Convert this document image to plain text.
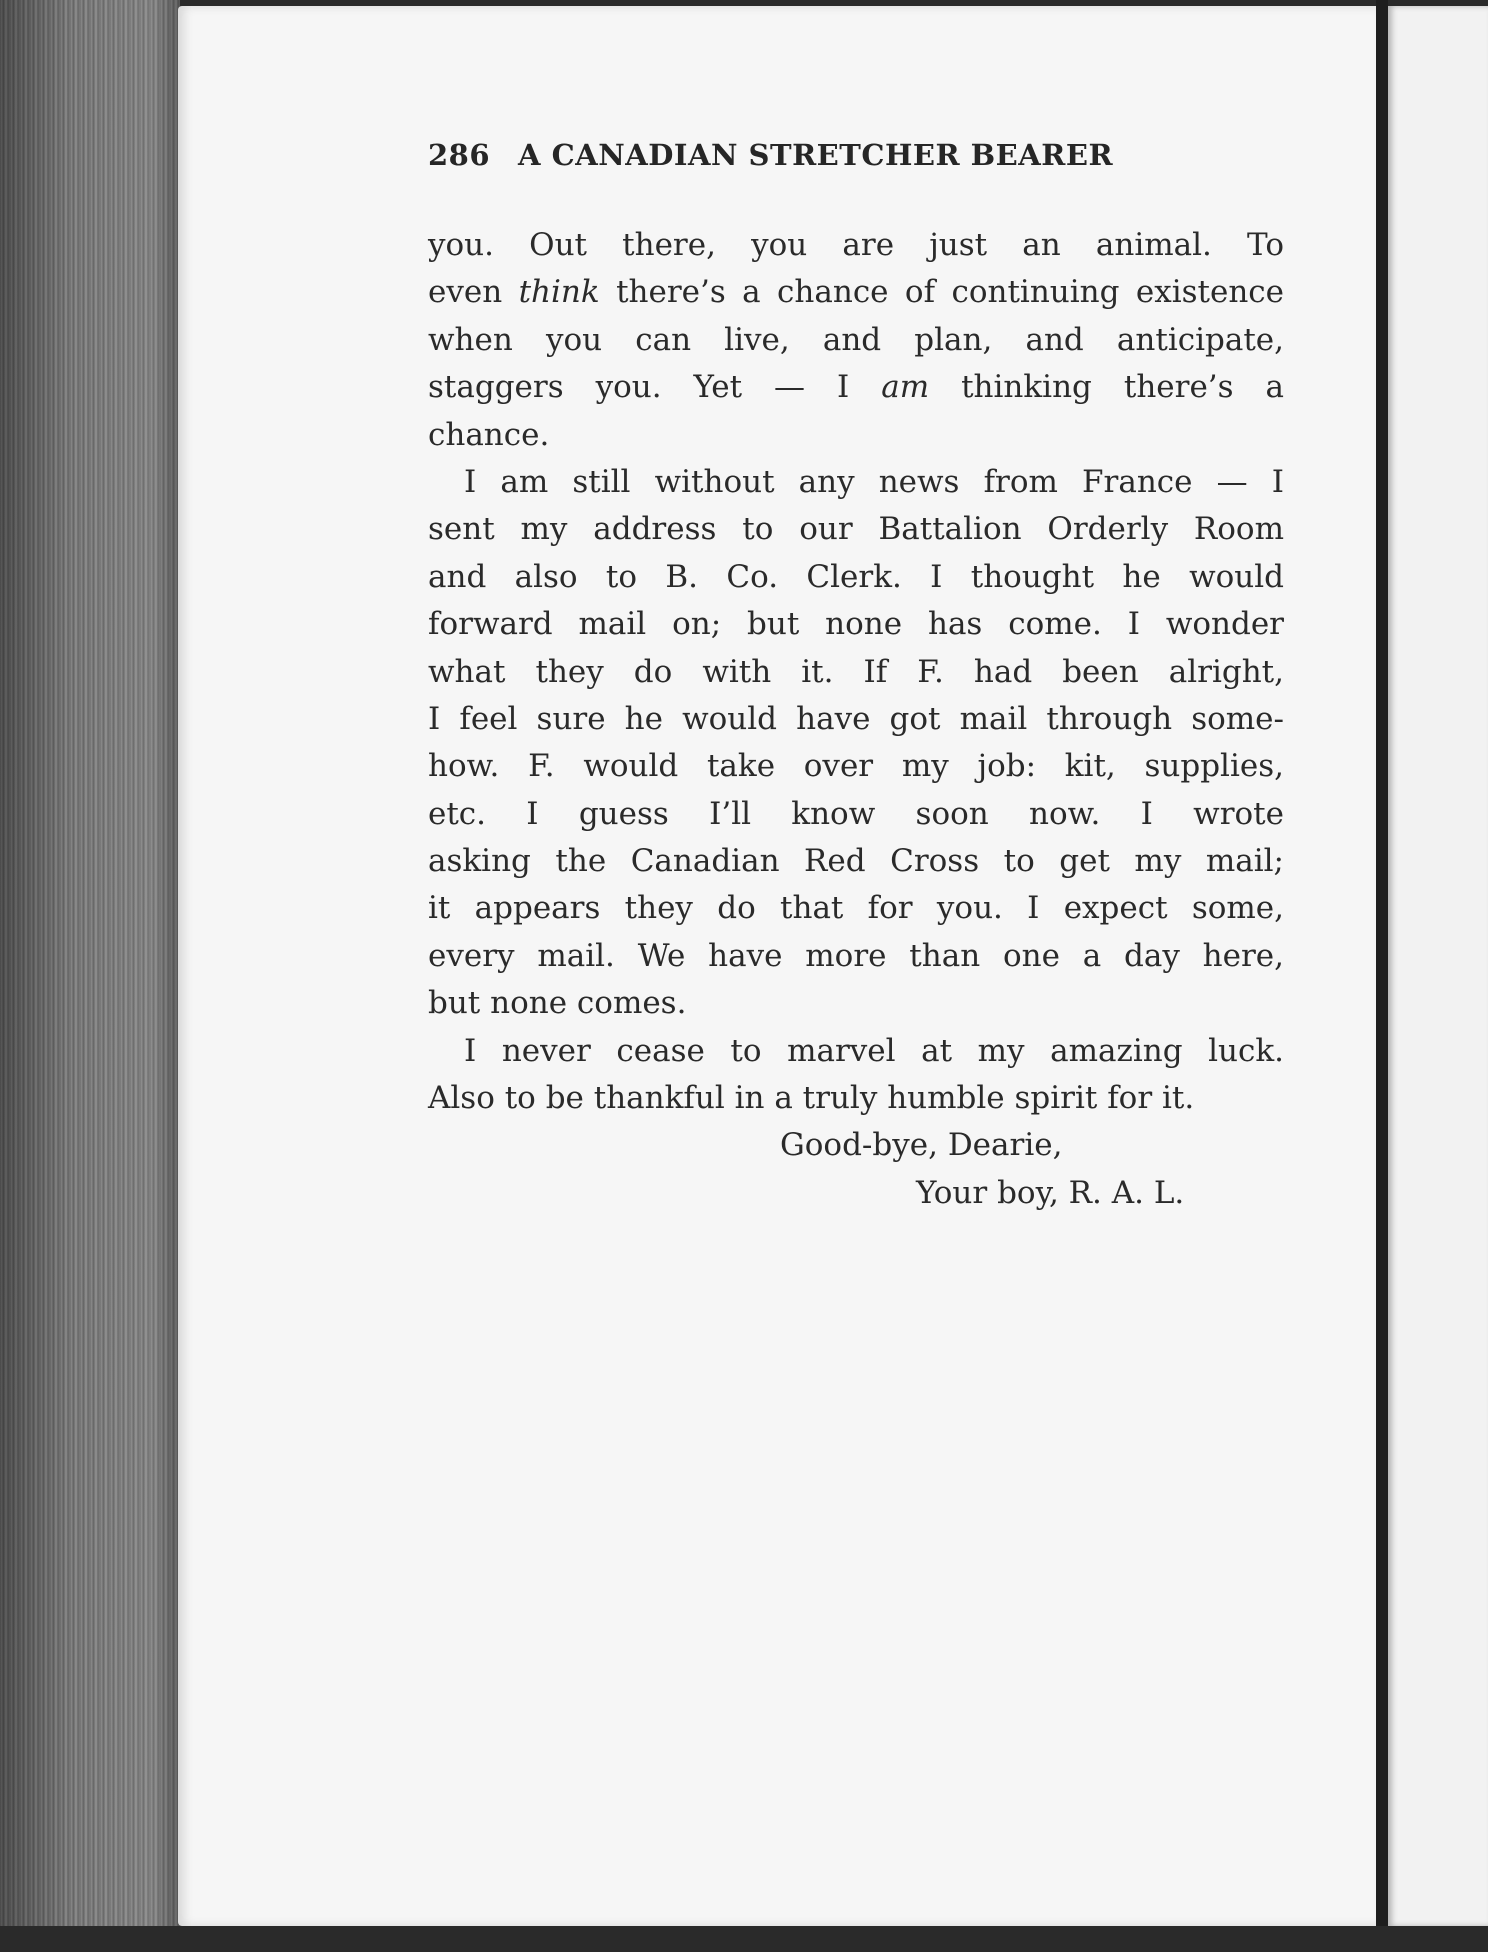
286 A CANADIAN STRETCHER BEARER
you. Out there, you are just an animal. To
even think there’s a chance of continuing existence
when you can live, and plan, and anticipate,
staggers you. Yet — I am thinking there’s a
chance.
I am still without any news from France — I
sent my address to our Battalion Orderly Room
and also to B. Co. Clerk. I thought he would
forward mail on; but none has come. I wonder
what they do with it. If F. had been alright,
I feel sure he would have got mail through some-
how. F. would take over my job: kit, supplies,
etc. I guess I’ll know soon now. I wrote
asking the Canadian Red Cross to get my mail;
it appears they do that for you. I expect some,
every mail. We have more than one a day here,
but none comes.
I never cease to marvel at my amazing luck.
Also to be thankful in a truly humble spirit for it.
Good-bye, Dearie,
Your boy, R. A. L.
